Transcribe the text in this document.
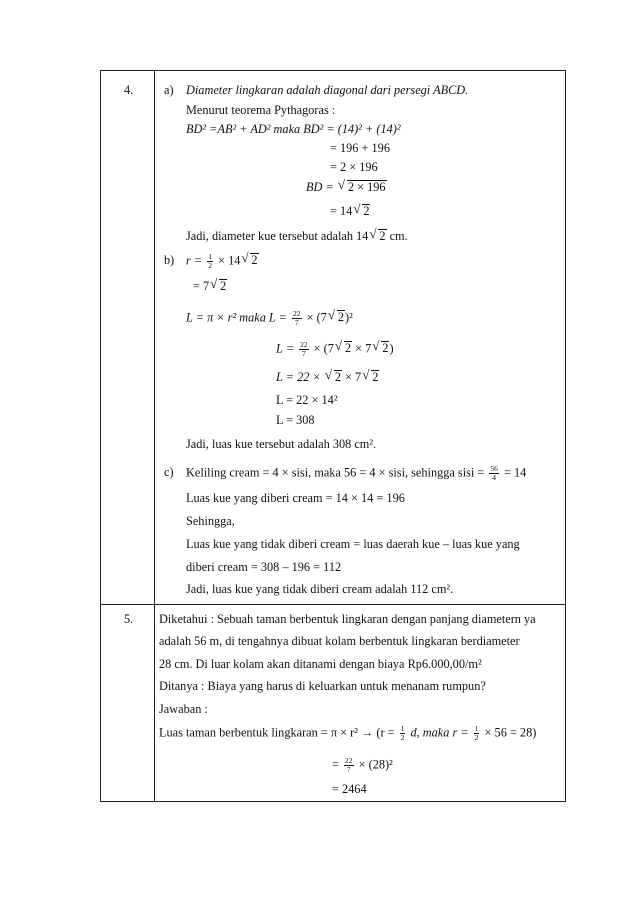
4.	a) Diameter lingkaran adalah diagonal dari persegi ABCD.
Menurut teorema Pythagoras :
BD² =AB² + AD² maka BD² = (14)² + (14)²
= 196 + 196
= 2 × 196
BD = √ 2 × 196
= 14 √ 2
Jadi, diameter kue tersebut adalah 14 √ 2 cm.
b) $r = \frac{1}{2} \times 14$ √ 2
= 7 √ 2
L = π × r² maka $L = \frac{22}{7} \times (7$ √ 2)²
$L = \frac{22}{7} \times (7$ √ 2 × 7 √ 2)
L = 22 × √ 2 × 7 √ 2
L = 22 × 14²
L = 308
Jadi, luas kue tersebut adalah 308 cm².
c) Keliling cream = 4 × sisi, maka 56 = 4 × sisi, sehingga sisi = $\frac{56}{4} = 14$
Luas kue yang diberi cream = 14 × 14 = 196
Sehingga,
Luas kue yang tidak diberi cream = luas daerah kue – luas kue yang
diberi cream = 308 – 196 = 112
Jadi, luas kue yang tidak diberi cream adalah 112 cm².
5. Diketahui : Sebuah taman berbentuk lingkaran dengan panjang diametern ya
adalah 56 m, di tengahnya dibuat kolam berbentuk lingkaran berdiameter
28 cm. Di luar kolam akan ditanami dengan biaya Rp6.000,00/m²
Ditanya : Biaya yang harus di keluarkan untuk menanam rumpun?
Jawaban :
Luas taman berbentuk lingkaran = $\pi \times r^2 \to (r = \frac{1}{2} d$, maka $r = \frac{1}{2} \times 56 = 28$)
= $\frac{22}{7} \times (28)^2$
= 2464
